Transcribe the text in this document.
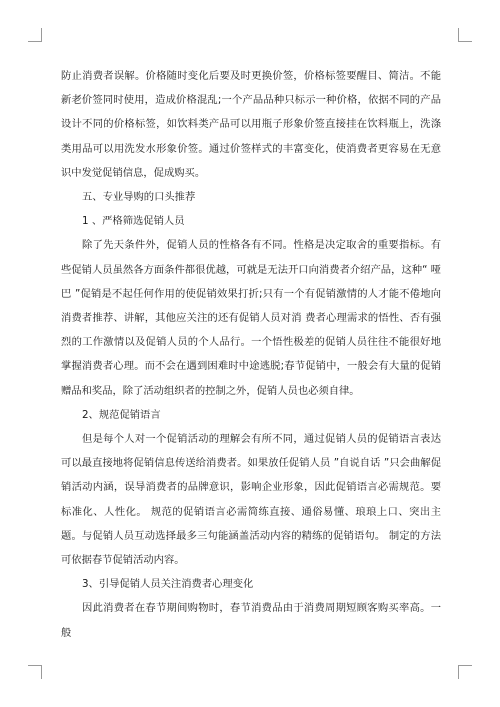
防止消费者误解。价格随时变化后要及时更换价签，价格标签要醒目、简洁。不能新老价签同时使用，造成价格混乱;一个产品品种只标示一种价格，依据不同的产品设计不同的价格标签，如饮料类产品可以用瓶子形象价签直接挂在饮料瓶上，洗涤类用品可以用洗发水形象价签。通过价签样式的丰富变化，使消费者更容易在无意识中发觉促销信息，促成购买。

五、专业导购的口头推荐

1 、严格筛选促销人员

除了先天条件外，促销人员的性格各有不同。性格是决定取舍的重要指标。有些促销人员虽然各方面条件都很优越，可就是无法开口向消费者介绍产品，这种“ 哑巴 ”促销是不起任何作用的使促销效果打折;只有一个有促销激情的人才能不倦地向消费者推荐、讲解，其他应关注的还有促销人员对消 费者心理需求的悟性、否有强烈的工作激情以及促销人员的个人品行。一个悟性极差的促销人员往往不能很好地掌握消费者心理。而不会在遇到困难时中途逃脱;春节促销中，一般会有大量的促销赠品和奖品，除了活动组织者的控制之外，促销人员也必须自律。

2、规范促销语言

但是每个人对一个促销活动的理解会有所不同，通过促销人员的促销语言表达可以最直接地将促销信息传送给消费者。如果放任促销人员 ”自说自话 ”只会曲解促销活动内涵，误导消费者的品牌意识，影响企业形象，因此促销语言必需规范。要标准化、人性化。 规范的促销语言必需简练直接、通俗易懂、琅琅上口、突出主题。与促销人员互动选择最多三句能涵盖活动内容的精练的促销语句。 制定的方法可依据春节促销活动内容。

3、引导促销人员关注消费者心理变化

因此消费者在春节期间购物时，春节消费品由于消费周期短顾客购买率高。一般
